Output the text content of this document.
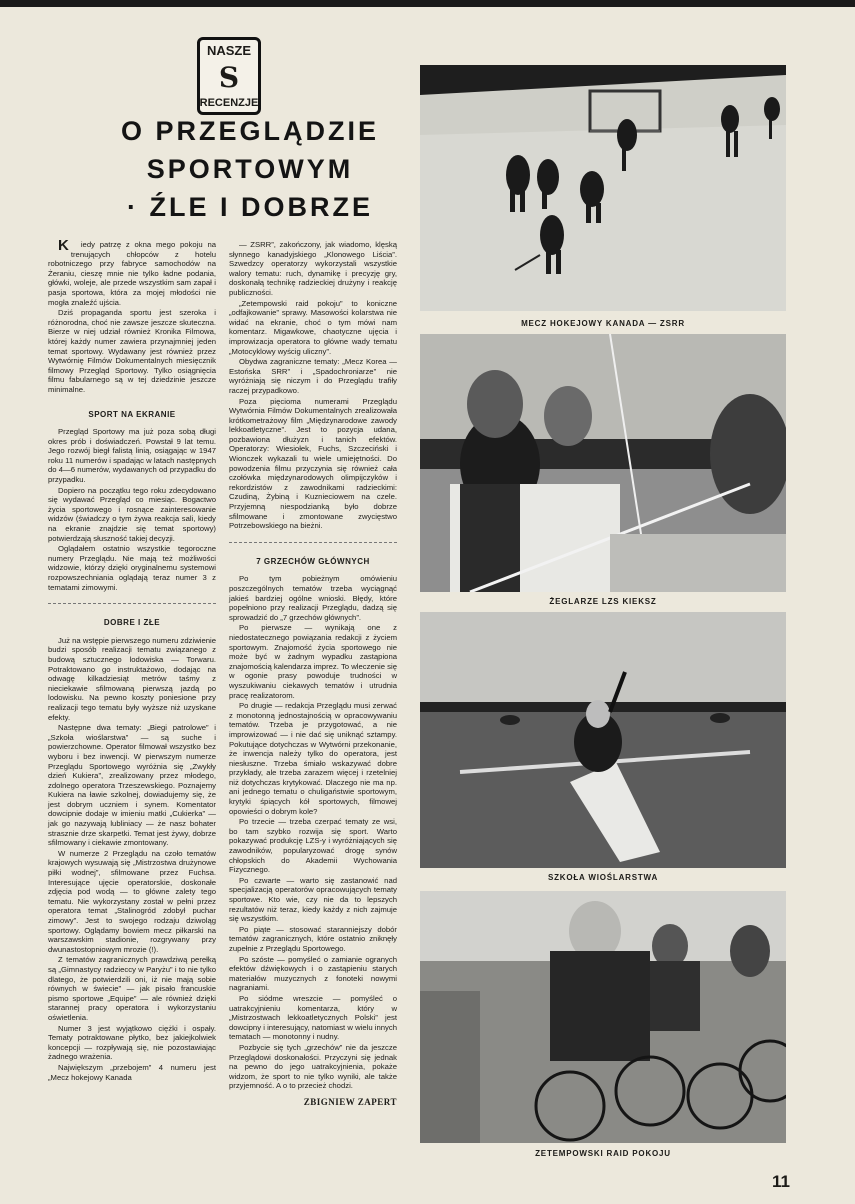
NASZE
S
RECENZJE
O PRZEGLĄDZIE
SPORTOWYM
· ŹLE I DOBRZE

Kiedy patrzę z okna mego pokoju na trenujących chłopców z hotelu robotniczego przy fabryce samochodów na Żeraniu, cieszę mnie nie tylko ładne podania, główki, woleje, ale przede wszystkim sam zapał i pasja sportowa, która za mojej młodości nie mogła znaleźć ujścia.

Dziś propaganda sportu jest szeroka i różnorodna, choć nie zawsze jeszcze skuteczna. Bierze w niej udział również Kronika Filmowa, której każdy numer zawiera przynajmniej jeden temat sportowy. Wydawany jest również przez Wytwórnię Filmów Dokumentalnych miesięcznik filmowy Przegląd Sportowy. Tylko osiągnięcia filmu fabularnego są w tej dziedzinie jeszcze minimalne.

SPORT NA EKRANIE

Przegląd Sportowy ma już poza sobą długi okres prób i doświadczeń. Powstał 9 lat temu. Jego rozwój biegł falistą linią, osiągając w 1947 roku 11 numerów i spadając w latach następnych do 4—6 numerów, wydawanych od przypadku do przypadku.

Dopiero na początku tego roku zdecydowano się wydawać Przegląd co miesiąc. Bogactwo życia sportowego i rosnące zainteresowanie widzów (świadczy o tym żywa reakcja sali, kiedy na ekranie znajdzie się temat sportowy) potwierdzają słuszność takiej decyzji.

Oglądałem ostatnio wszystkie tegoroczne numery Przeglądu. Nie mają też możliwości widzowie, którzy dzięki oryginalnemu systemowi rozpowszechniania oglądają teraz numer 3 z tematami zimowymi.

DOBRE I ZŁE

Już na wstępie pierwszego numeru zdziwienie budzi sposób realizacji tematu związanego z budową sztucznego lodowiska — Torwaru. Potraktowano go instruktażowo, dodając na odwagę kilkadziesiąt metrów taśmy z nieciekawie sfilmowaną pierwszą jazdą po lodowisku. Na pewno koszty poniesione przy realizacji tego tematu były wyższe niż uzyskane efekty.

Następne dwa tematy: „Biegi patrolowe” i „Szkoła wioślarstwa” — są suche i powierzchowne. Operator filmował wszystko bez wyboru i bez inwencji. W pierwszym numerze Przeglądu Sportowego wyróżnia się „Zwykły dzień Kukiera”, zrealizowany przez młodego, zdolnego operatora Trzeszewskiego. Poznajemy Kukiera na ławie szkolnej, dowiadujemy się, że jest dobrym uczniem i synem. Komentator dowcipnie dodaje w imieniu matki „Cukierka” — jak go nazywają lubliniacy — że nasz bohater strasznie drze skarpetki. Temat jest żywy, dobrze sfilmowany i ciekawie zmontowany.

W numerze 2 Przeglądu na czoło tematów krajowych wysuwają się „Mistrzostwa drużynowe piłki wodnej”, sfilmowane przez Fuchsa. Interesujące ujęcie operatorskie, doskonałe zdjęcia pod wodą — to główne zalety tego tematu. Nie wykorzystany został w pełni przez operatora temat „Stalinogród zdobył puchar zimowy”. Jest to swojego rodzaju dziwoląg sportowy. Oglądamy bowiem mecz piłkarski na warszawskim stadionie, rozgrywany przy dwunastostopniowym mrozie (!).

Z tematów zagranicznych prawdziwą perełką są „Gimnastycy radzieccy w Paryżu” i to nie tylko dlatego, że potwierdzili oni, iż nie mają sobie równych w świecie” — jak pisało francuskie pismo sportowe „Equipe” — ale również dzięki starannej pracy operatora i wykorzystaniu oświetlenia.

Numer 3 jest wyjątkowo ciężki i ospały. Tematy potraktowane płytko, bez jakiejkolwiek koncepcji — rozpływają się, nie pozostawiając żadnego wrażenia.

Największym „przebojem” 4 numeru jest „Mecz hokejowy Kanada

— ZSRR”, zakończony, jak wiadomo, klęską słynnego kanadyjskiego „Klonowego Liścia”. Szwedzcy operatorzy wykorzystali wszystkie walory tematu: ruch, dynamikę i precyzję gry, doskonałą technikę radzieckiej drużyny i reakcję publiczności.

„Zetempowski raid pokoju” to koniczne „odfajkowanie” sprawy. Masowości kolarstwa nie widać na ekranie, choć o tym mówi nam komentarz. Migawkowe, chaotyczne ujęcia i improwizacja operatora to główne wady tematu „Motocyklowy wyścig uliczny”.

Obydwa zagraniczne tematy: „Mecz Korea — Estońska SRR” i „Spadochroniarze” nie wyróżniają się niczym i do Przeglądu trafiły raczej przypadkowo.

Poza pięcioma numerami Przeglądu Wytwórnia Filmów Dokumentalnych zrealizowała krótkometrażowy film „Międzynarodowe zawody lekkoatletyczne”. Jest to pozycja udana, pozbawiona dłużyzn i tanich efektów. Operatorzy: Wiesiołek, Fuchs, Szczeciński i Wionczek wykazali tu wiele umiejętności. Do powodzenia filmu przyczynia się również cała czołówka międzynarodowych olimpijczyków i rekordzistów z zawodnikami radzieckimi: Czudiną, Żybiną i Kuznieciowem na czele. Przyjemną niespodzianką było dobrze sfilmowane i zmontowane zwycięstwo Potrzebowskiego na bieżni.

7 GRZECHÓW GŁÓWNYCH

Po tym pobieżnym omówieniu poszczególnych tematów trzeba wyciągnąć jakieś bardziej ogólne wnioski. Błędy, które popełniono przy realizacji Przeglądu, dadzą się sprowadzić do „7 grzechów głównych”.

Po pierwsze — wynikają one z niedostatecznego powiązania redakcji z życiem sportowym. Znajomość życia sportowego nie może być w żadnym wypadku zastąpiona znajomością kalendarza imprez. To wleczenie się w ogonie prasy powoduje trudności w wyszukiwaniu ciekawych tematów i utrudnia pracę realizatorom.

Po drugie — redakcja Przeglądu musi zerwać z monotonną jednostajnością w opracowywaniu tematów. Trzeba je przygotować, a nie improwizować — i nie dać się uniknąć sztampy. Pokutujące dotychczas w Wytwórni przekonanie, że inwencja należy tylko do operatora, jest niesłuszne. Trzeba śmiało wskazywać dobre przykłady, ale trzeba zarazem więcej i rzetelniej niż dotychczas krytykować. Dlaczego nie ma np. ani jednego tematu o chuligaństwie sportowym, krytyki śpiących kół sportowych, filmowej opowieści o dobrym kole?

Po trzecie — trzeba czerpać tematy ze wsi, bo tam szybko rozwija się sport. Warto pokazywać produkcję LZS-y i wyróżniających się zawodników, popularyzować drogę synów chłopskich do Akademii Wychowania Fizycznego.

Po czwarte — warto się zastanowić nad specjalizacją operatorów opracowujących tematy sportowe. Kto wie, czy nie da to lepszych rezultatów niż teraz, kiedy każdy z nich zajmuje się wszystkim.

Po piąte — stosować staranniejszy dobór tematów zagranicznych, które ostatnio zniknęły zupełnie z Przeglądu Sportowego.

Po szóste — pomyśleć o zamianie ogranych efektów dźwiękowych i o zastąpieniu starych materiałów muzycznych z fonoteki nowymi nagraniami.

Po siódme wreszcie — pomyśleć o uatrakcyjnieniu komentarza, który w „Mistrzostwach lekkoatletycznych Polski” jest dowcipny i interesujący, natomiast w wielu innych tematach — monotonny i nudny.

Pozbycie się tych „grzechów” nie da jeszcze Przeglądowi doskonałości. Przyczyni się jednak na pewno do jego uatrakcyjnienia, pokaże widzom, że sport to nie tylko wyniki, ale także przyjemność. A o to przecież chodzi.

ZBIGNIEW ZAPERT
MECZ HOKEJOWY KANADA — ZSRR
ŻEGLARZE LZS KIEKSZ
SZKOŁA WIOŚLARSTWA
ZETEMPOWSKI RAID POKOJU
11
